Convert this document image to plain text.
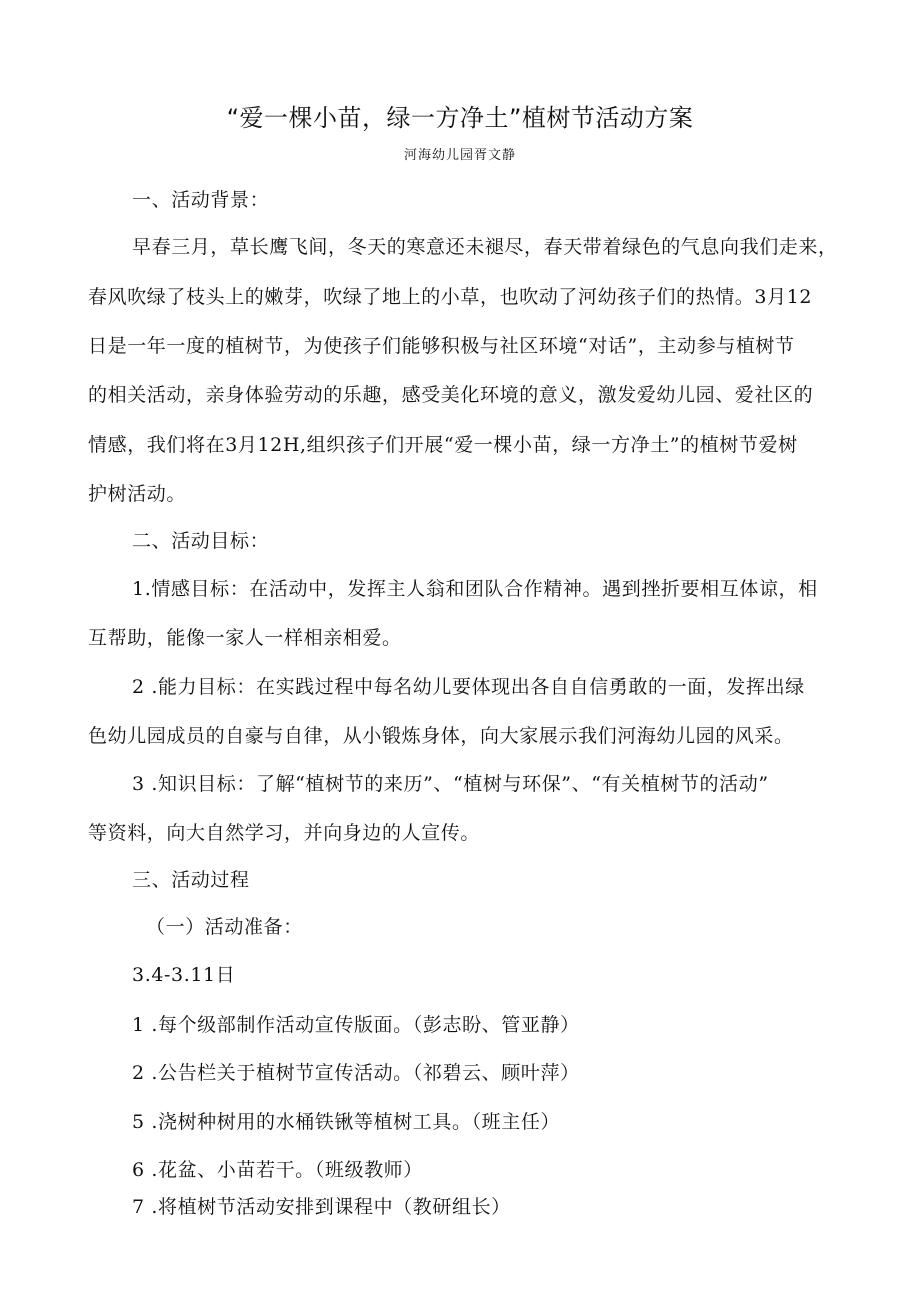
“爱一棵小苗，绿一方净土”植树节活动方案
河海幼儿园胥文静
一、活动背景：
早春三月，草长鹰飞间，冬天的寒意还未褪尽，春天带着绿色的气息向我们走来，
春风吹绿了枝头上的嫩芽，吹绿了地上的小草，也吹动了河幼孩子们的热情。3月12
日是一年一度的植树节，为使孩子们能够积极与社区环境“对话”，主动参与植树节
的相关活动，亲身体验劳动的乐趣，感受美化环境的意义，激发爱幼儿园、爱社区的
情感，我们将在3月12H,组织孩子们开展“爱一棵小苗，绿一方净土”的植树节爱树
护树活动。
二、活动目标：
1.情感目标：在活动中，发挥主人翁和团队合作精神。遇到挫折要相互体谅，相
互帮助，能像一家人一样相亲相爱。
2 .能力目标：在实践过程中每名幼儿要体现出各自自信勇敢的一面，发挥出绿
色幼儿园成员的自豪与自律，从小锻炼身体，向大家展示我们河海幼儿园的风采。
3 .知识目标：了解“植树节的来历”、“植树与环保”、“有关植树节的活动”
等资料，向大自然学习，并向身边的人宣传。
三、活动过程
（一）活动准备：
3.4-3.11日
1 .每个级部制作活动宣传版面。（彭志盼、管亚静）
2 .公告栏关于植树节宣传活动。（祁碧云、顾叶萍）
5 .浇树种树用的水桶铁锹等植树工具。（班主任）
6 .花盆、小苗若干。（班级教师）
7 .将植树节活动安排到课程中（教研组长）
